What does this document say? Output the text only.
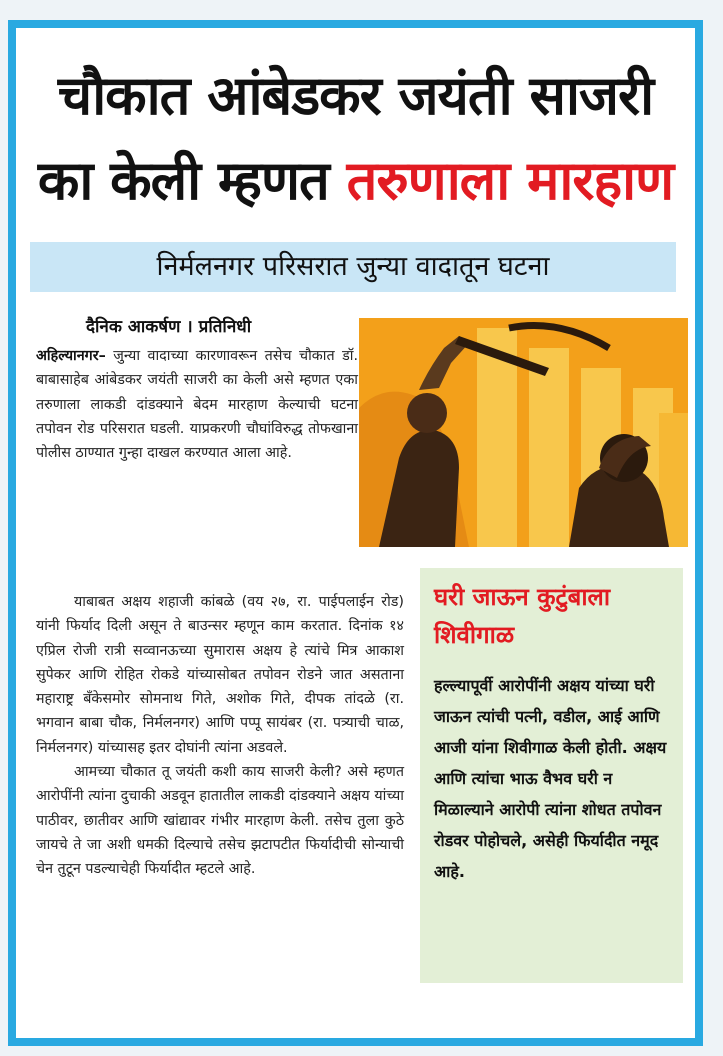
चौकात आंबेडकर जयंती साजरी
का केली म्हणत तरुणाला मारहाण
निर्मलनगर परिसरात जुन्या वादातून घटना
दैनिक आकर्षण । प्रतिनिधी

अहिल्यानगर– जुन्या वादाच्या कारणावरून तसेच चौकात डॉ. बाबासाहेब आंबेडकर जयंती साजरी का केली असे म्हणत एका तरुणाला लाकडी दांडक्याने बेदम मारहाण केल्याची घटना तपोवन रोड परिसरात घडली. याप्रकरणी चौघांविरुद्ध तोफखाना पोलीस ठाण्यात गुन्हा दाखल करण्यात आला आहे.

याबाबत अक्षय शहाजी कांबळे (वय २७, रा. पाईपलाईन रोड) यांनी फिर्याद दिली असून ते बाउन्सर म्हणून काम करतात. दिनांक १४ एप्रिल रोजी रात्री सव्वानऊच्या सुमारास अक्षय हे त्यांचे मित्र आकाश सुपेकर आणि रोहित रोकडे यांच्यासोबत तपोवन रोडने जात असताना महाराष्ट्र बँकेसमोर सोमनाथ गिते, अशोक गिते, दीपक तांदळे (रा. भगवान बाबा चौक, निर्मलनगर) आणि पप्पू सायंबर (रा. पत्र्याची चाळ, निर्मलनगर) यांच्यासह इतर दोघांनी त्यांना अडवले.

आमच्या चौकात तू जयंती कशी काय साजरी केली? असे म्हणत आरोपींनी त्यांना दुचाकी अडवून हातातील लाकडी दांडक्याने अक्षय यांच्या पाठीवर, छातीवर आणि खांद्यावर गंभीर मारहाण केली. तसेच तुला कुठे जायचे ते जा अशी धमकी दिल्याचे तसेच झटापटीत फिर्यादीची सोन्याची चेन तुटून पडल्याचेही फिर्यादीत म्हटले आहे.

घरी जाऊन कुटुंबाला शिवीगाळ
हल्ल्यापूर्वी आरोपींनी अक्षय यांच्या घरी जाऊन त्यांची पत्नी, वडील, आई आणि आजी यांना शिवीगाळ केली होती. अक्षय आणि त्यांचा भाऊ वैभव घरी न मिळाल्याने आरोपी त्यांना शोधत तपोवन रोडवर पोहोचले, असेही फिर्यादीत नमूद आहे.
